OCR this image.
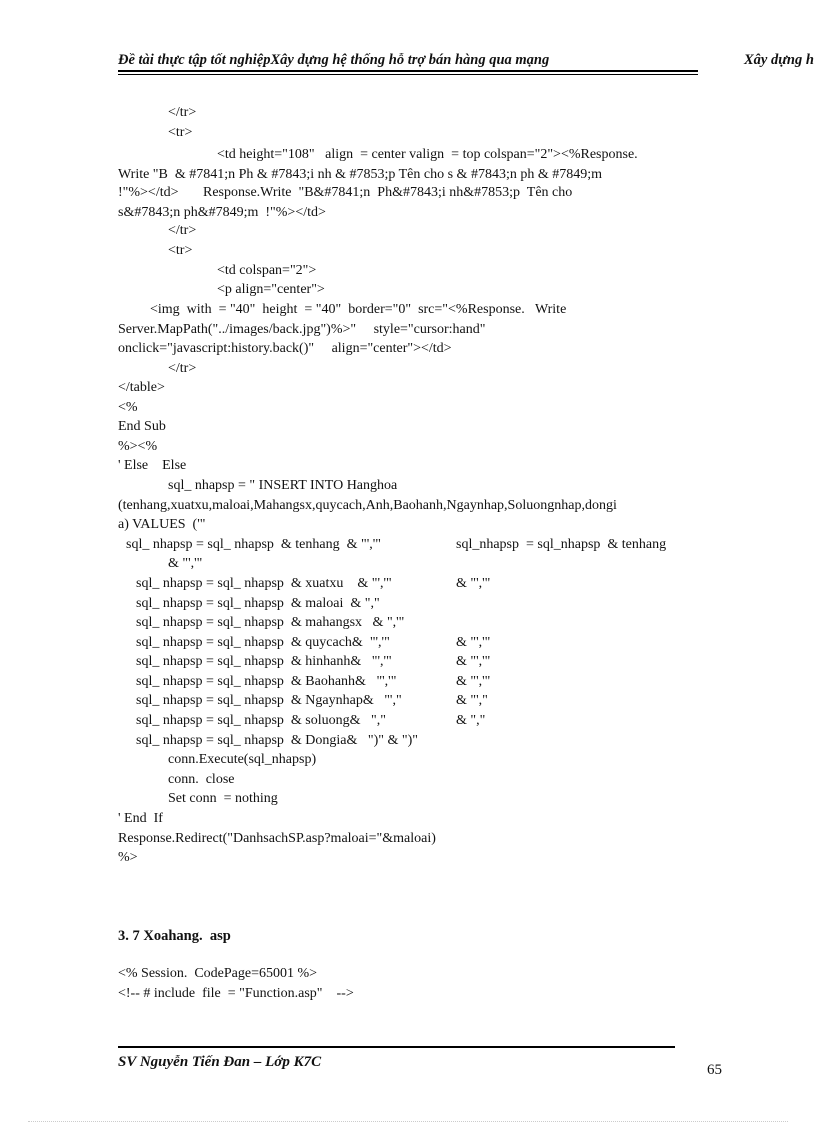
Đề tài thực tập tốt nghiệpXây dựng hệ thống hỗ trợ bán hàng qua mạng	Xây dựng h
</tr>
<tr>
<td height="108"   align  = center valign  = top colspan="2"><%Response.
Write "B  & #7841;n Ph & #7843;i nh & #7853;p Tên cho s & #7843;n ph & #7849;m
!"%></td>       Response.Write  "B&#7841;n  Ph&#7843;i nh&#7853;p  Tên cho
s&#7843;n ph&#7849;m  !"%></td>
</tr>
<tr>
<td colspan="2">
<p align="center">
<img  with  = "40"  height  = "40"  border="0"  src="<%Response.   Write
Server.MapPath("../images/back.jpg")%>"     style="cursor:hand"
onclick="javascript:history.back()"     align="center"></td>
</tr>
</table>
<%
End Sub
%><%
' Else    Else
sql_ nhapsp = " INSERT INTO Hanghoa
(tenhang,xuatxu,maloai,Mahangsx,quycach,Anh,Baohanh,Ngaynhap,Soluongnhap,dongi
a) VALUES  ('"
sql_ nhapsp = sql_ nhapsp  & tenhang  & "','"	sql_nhapsp  = sql_nhapsp  & tenhang
& "','"
sql_ nhapsp = sql_ nhapsp  & xuatxu    & "','"	& "','"
sql_ nhapsp = sql_ nhapsp  & maloai  & ","
sql_ nhapsp = sql_ nhapsp  & mahangsx   & ",'"
sql_ nhapsp = sql_ nhapsp  & quycach&  "','"	& "','"
sql_ nhapsp = sql_ nhapsp  & hinhanh&   "','"	& "','"
sql_ nhapsp = sql_ nhapsp  & Baohanh&   "','"	& "','"
sql_ nhapsp = sql_ nhapsp  & Ngaynhap&   "',"	& "',"
sql_ nhapsp = sql_ nhapsp  & soluong&   ","	& ","
sql_ nhapsp = sql_ nhapsp  & Dongia&   ")" & ")"
conn.Execute(sql_nhapsp)
conn.  close
Set conn  = nothing
' End  If
Response.Redirect("DanhsachSP.asp?maloai="&maloai)
%>
<% Session.  CodePage=65001 %>
<!-- # include  file  = "Function.asp"    -->
3. 7 Xoahang.  asp
SV Nguyễn Tiến Đan – Lớp K7C	65
